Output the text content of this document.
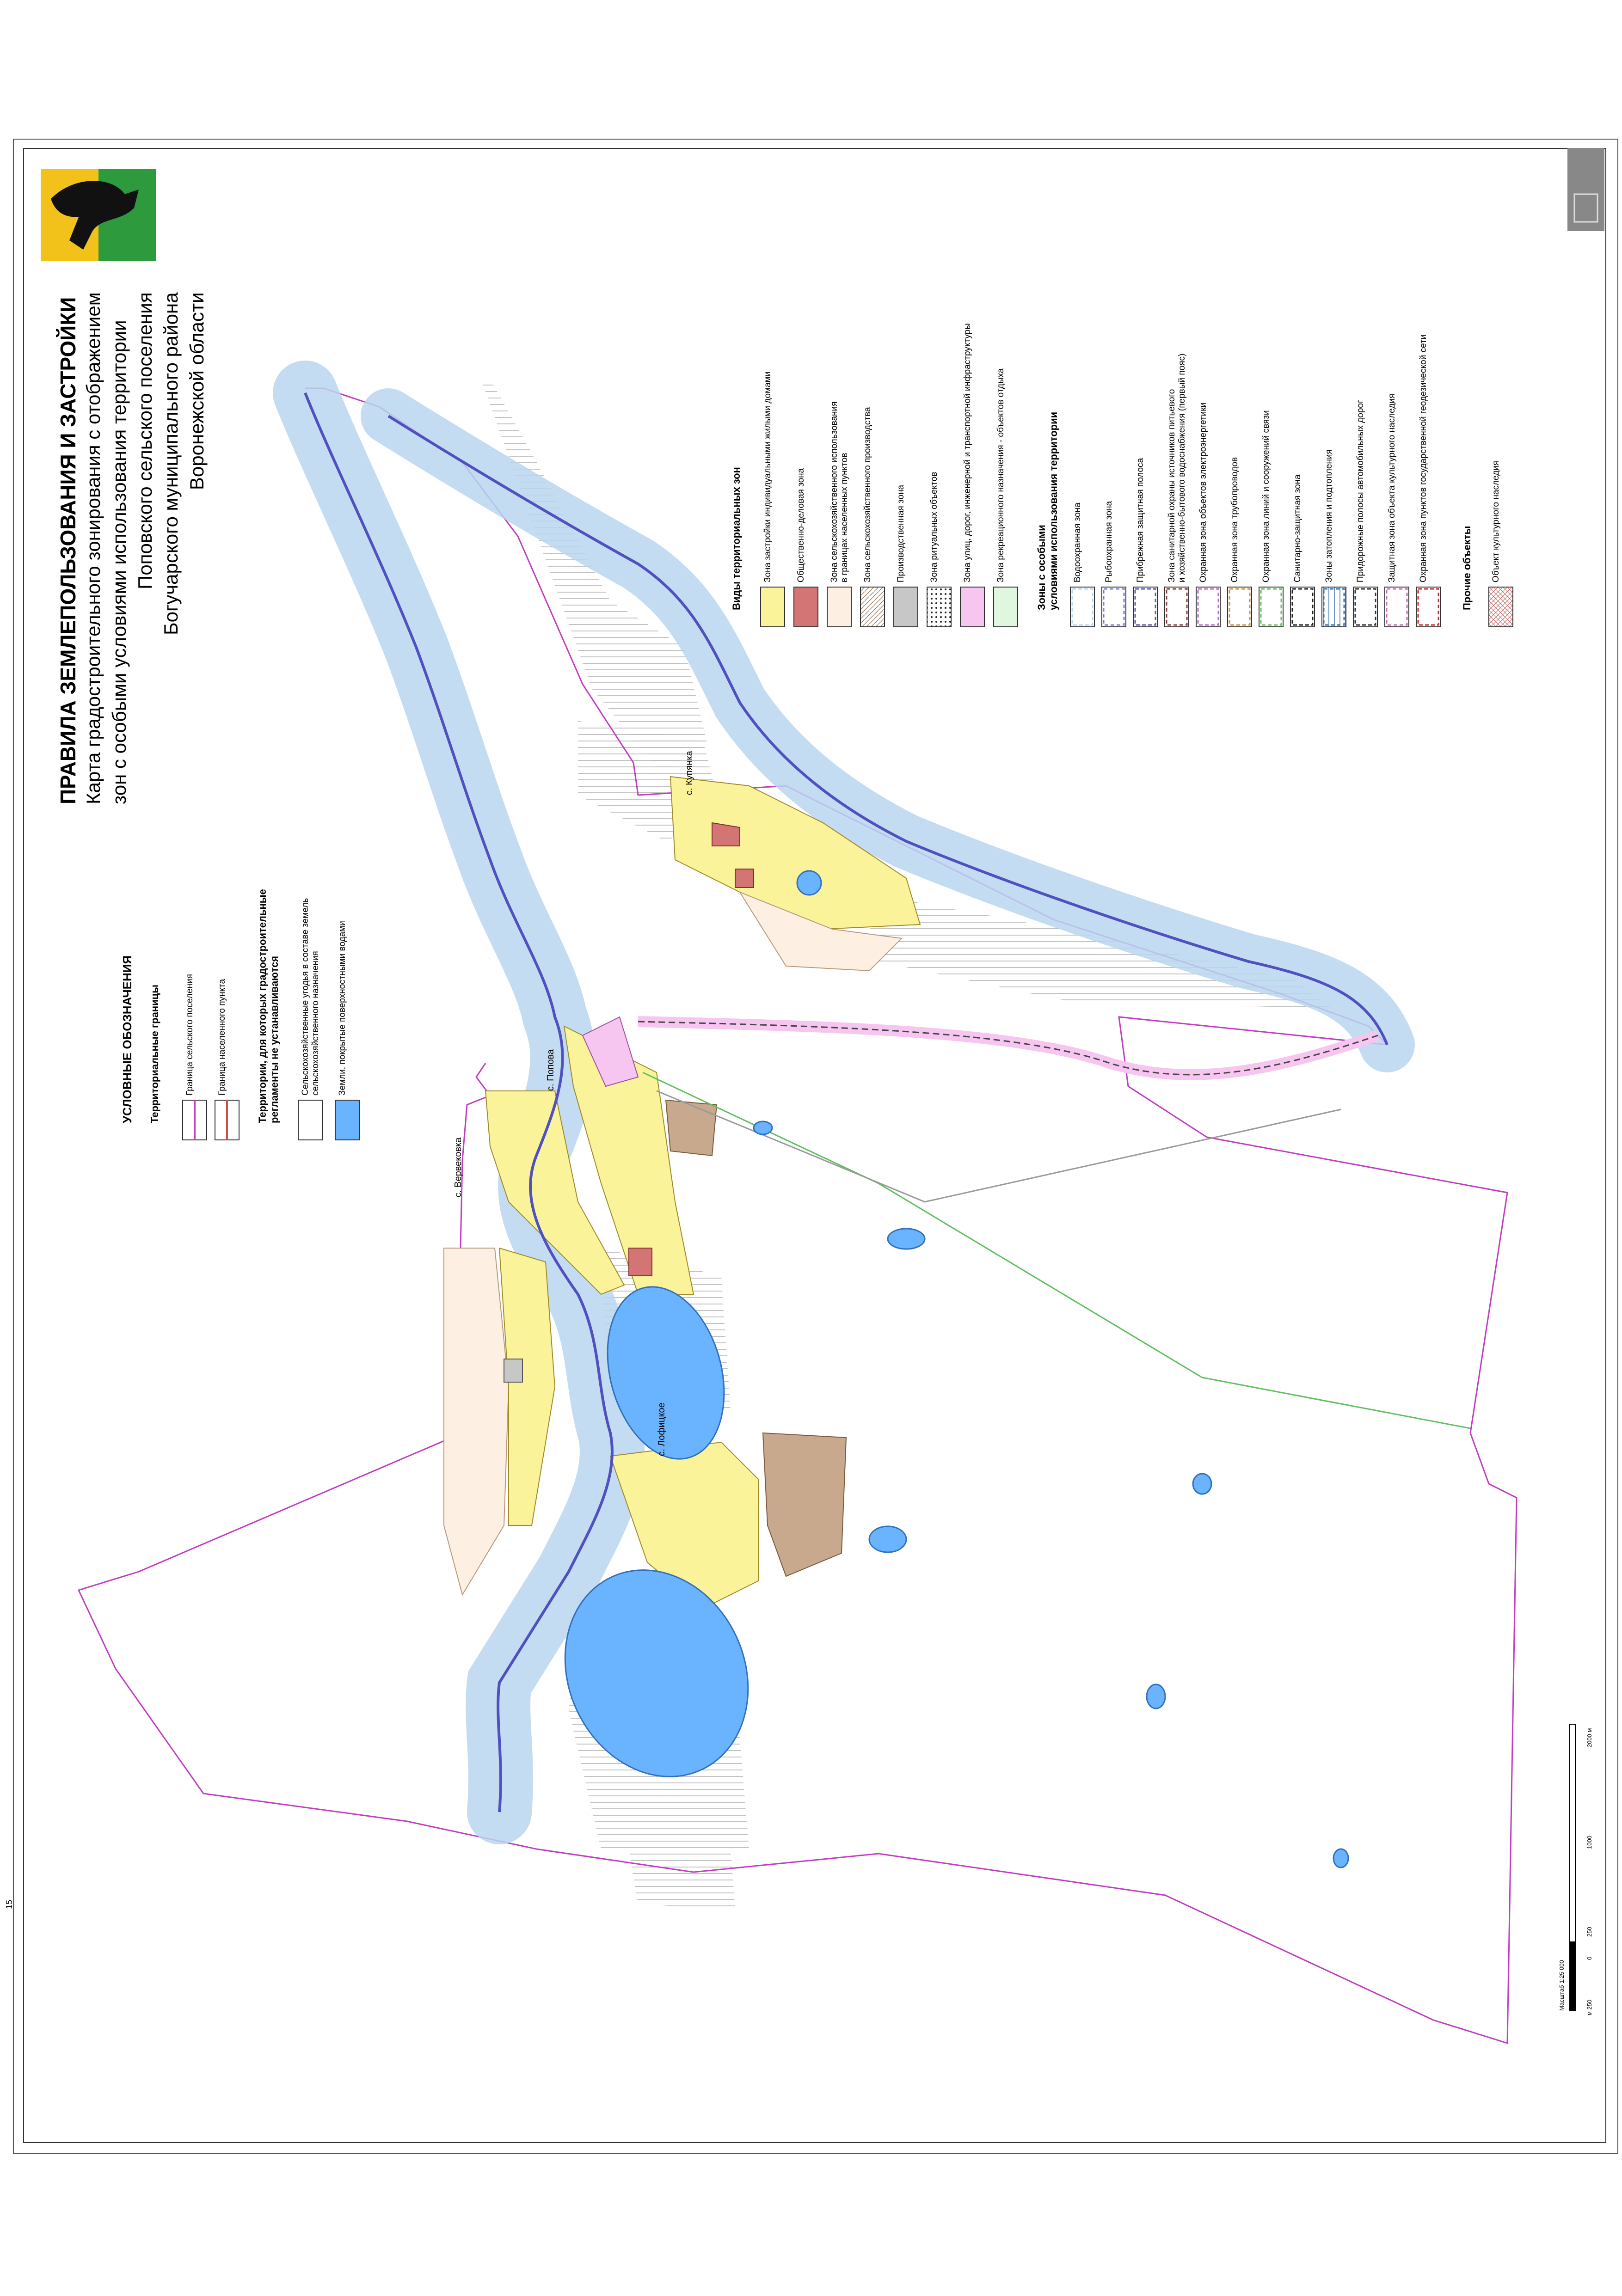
ПРАВИЛА ЗЕМЛЕПОЛЬЗОВАНИЯ И ЗАСТРОЙКИ Карта градостроительного зонирования с отображением зон с особыми условиями использования территории Поповского сельского поселения Богучарского муниципального района Воронежской области
УСЛОВНЫЕ ОБОЗНАЧЕНИЯ Территориальные границы	Граница сельского поселения	Граница населенного пункта	Территории, для которых градостроительные регламенты не устанавливаются Сельскохозяйственные угодья в составе земель сельскохозяйственного назначения Земли, покрытые поверхностными водами
Виды территориальных зон Зона застройки индивидуальными жилыми домами	Общественно-деловая зона	Зона сельскохозяйственного использования в границах населенных пунктов Зона сельскохозяйственного производства	Производственная зона	Зона ритуальных объектов	Зона улиц, дорог, инженерной и транспортной инфраструктуры	Зона рекреационного назначения - объектов отдыха	Зоны с особыми условиями использования территории Водоохранная зона Рыбоохранная зона Прибрежная защитная полоса Зона санитарной охраны источников питьевого и хозяйственно-бытового водоснабжения (первый пояс) Охранная зона объектов электроэнергетики Охранная зона трубопроводов Охранная зона линий и сооружений связи Санитарно-защитная зона Зоны затопления и подтопления Придорожные полосы автомобильных дорог Защитная зона объекта культурного наследия Охранная зона пунктов государственной геодезической сети	Прочие объекты Объект культурного наследия
с. Купянка
с. Попова
с. Вервековка
с. Лофицкое
15
Масштаб 1:25 000	м 250
0
250
1000
2000 м
